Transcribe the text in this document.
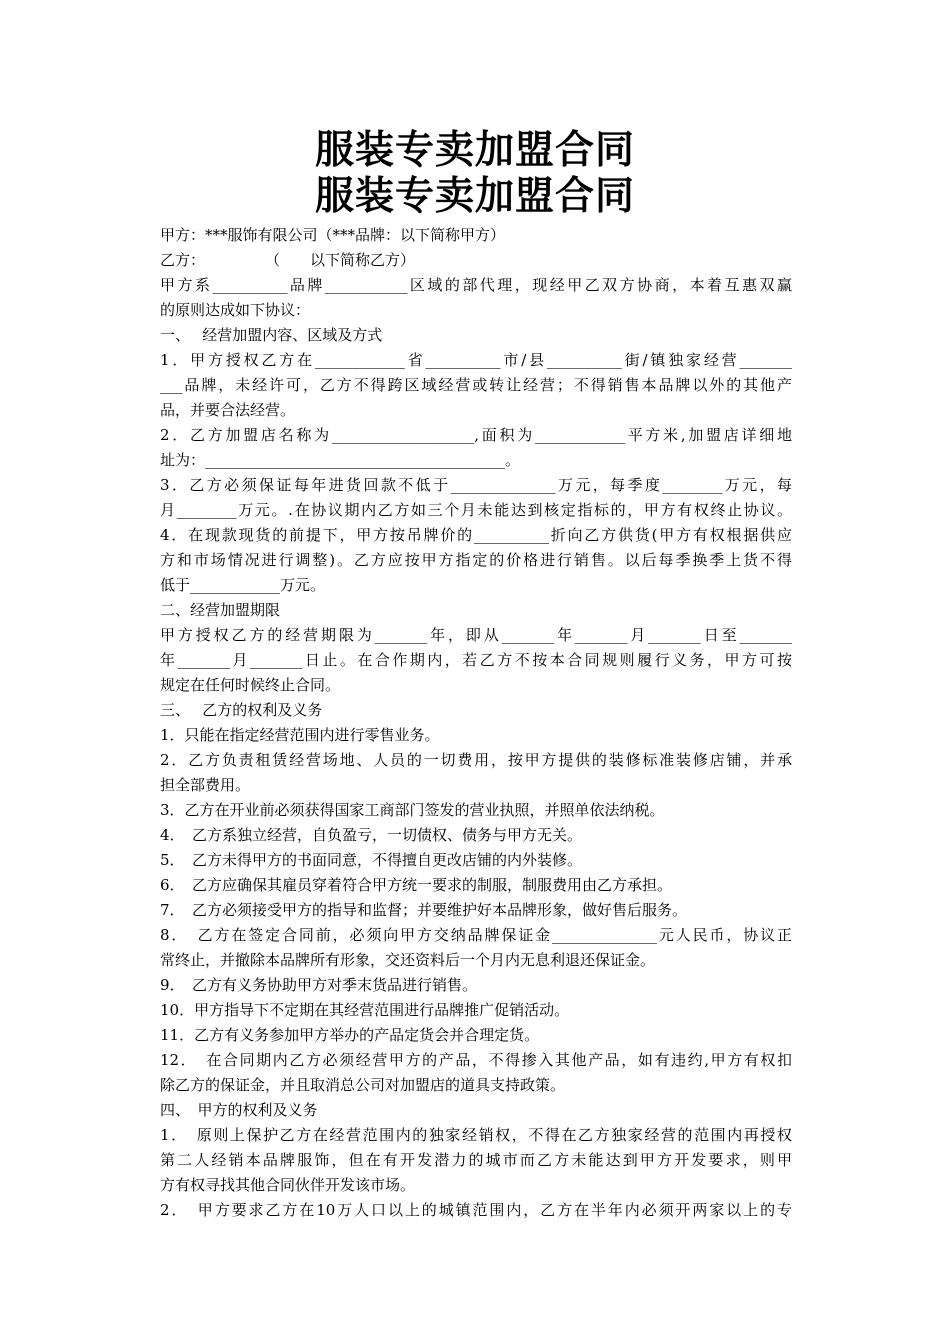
服装专卖加盟合同
服装专卖加盟合同
甲方：***服饰有限公司（***品牌：以下简称甲方）
乙方：　　　　　（　　以下简称乙方）
甲方系__________品牌___________区域的部代理，现经甲乙双方协商，本着互惠双赢
的原则达成如下协议：
一、　 经营加盟内容、区域及方式
1．甲方授权乙方在____________省__________市/县__________街/镇独家经营_______
___品牌，未经许可，乙方不得跨区域经营或转让经营；不得销售本品牌以外的其他产
品，并要合法经营。
2．乙方加盟店名称为___________________,面积为____________平方米,加盟店详细地
址为：________________________________________。
3．乙方必须保证每年进货回款不低于______________万元，每季度________万元，每
月________万元。.在协议期内乙方如三个月未能达到核定指标的，甲方有权终止协议。
4．在现款现货的前提下，甲方按吊牌价的__________折向乙方供货(甲方有权根据供应
方和市场情况进行调整)。乙方应按甲方指定的价格进行销售。以后每季换季上货不得
低于____________万元。
二、经营加盟期限
甲方授权乙方的经营期限为_______年，即从_______年_______月_______日至_______
年_______月_______日止。在合作期内，若乙方不按本合同规则履行义务，甲方可按
规定在任何时候终止合同。
三、　 乙方的权利及义务
1．只能在指定经营范围内进行零售业务。
2．乙方负责租赁经营场地、人员的一切费用，按甲方提供的装修标准装修店铺，并承
担全部费用。
3．乙方在开业前必须获得国家工商部门签发的营业执照，并照单依法纳税。
4．　乙方系独立经营，自负盈亏，一切债权、债务与甲方无关。
5．　乙方未得甲方的书面同意，不得擅自更改店铺的内外装修。
6．　乙方应确保其雇员穿着符合甲方统一要求的制服，制服费用由乙方承担。
7．　乙方必须接受甲方的指导和监督；并要维护好本品牌形象，做好售后服务。
8．　乙方在签定合同前，必须向甲方交纳品牌保证金______________元人民币，协议正
常终止，并撤除本品牌所有形象，交还资料后一个月内无息利退还保证金。
9．　乙方有义务协助甲方对季末货品进行销售。
10．甲方指导下不定期在其经营范围进行品牌推广促销活动。
11．乙方有义务参加甲方举办的产品定货会并合理定货。
12．　在合同期内乙方必须经营甲方的产品，不得掺入其他产品，如有违约,甲方有权扣
除乙方的保证金，并且取消总公司对加盟店的道具支持政策。
四、　甲方的权利及义务
1．　原则上保护乙方在经营范围内的独家经销权，不得在乙方独家经营的范围内再授权
第二人经销本品牌服饰，但在有开发潜力的城市而乙方未能达到甲方开发要求，则甲
方有权寻找其他合同伙伴开发该市场。
2．　甲方要求乙方在10万人口以上的城镇范围内，乙方在半年内必须开两家以上的专
